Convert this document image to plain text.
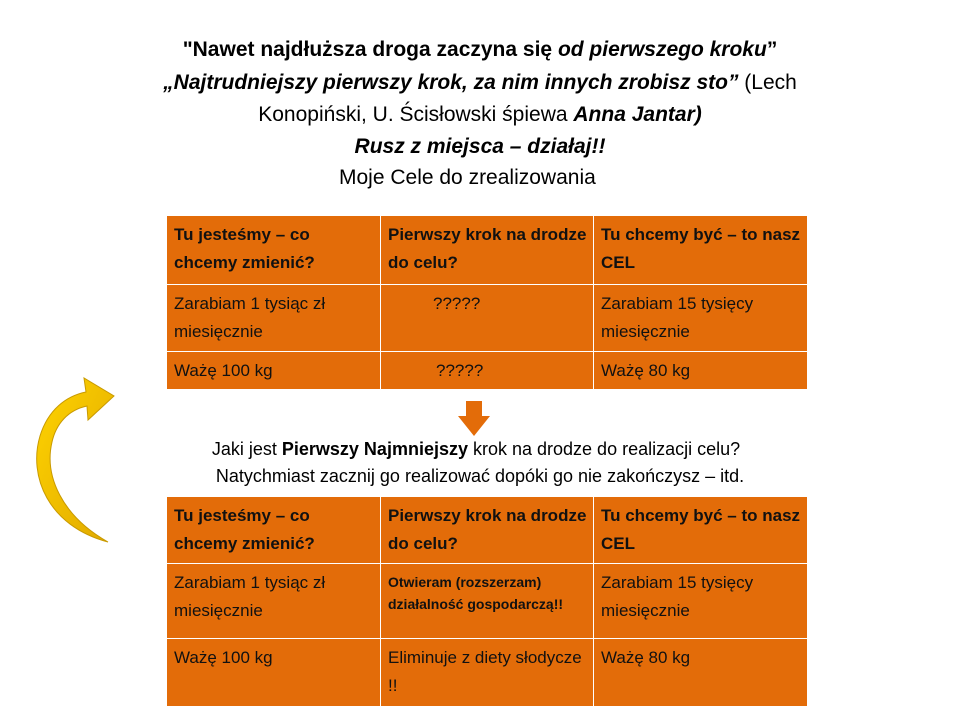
"Nawet najdłuższa droga zaczyna się od pierwszego kroku”
„Najtrudniejszy pierwszy krok, za nim innych zrobisz sto” (Lech
Konopiński, U. Ścisłowski śpiewa Anna Jantar)
Rusz z miejsca – działaj!!
Moje Cele do zrealizowania
Tu jesteśmy – co chcemy zmienić?	Pierwszy krok na drodze do celu?	Tu chcemy być – to nasz CEL
Zarabiam 1 tysiąc zł miesięcznie	?????	Zarabiam 15 tysięcy miesięcznie
Ważę 100 kg	?????	Ważę 80 kg
Jaki jest Pierwszy Najmniejszy krok na drodze do realizacji celu?
Natychmiast zacznij go realizować dopóki go nie zakończysz – itd.
Tu jesteśmy – co chcemy zmienić?	Pierwszy krok na drodze do celu?	Tu chcemy być – to nasz CEL
Zarabiam 1 tysiąc zł miesięcznie	Otwieram (rozszerzam) działalność gospodarczą!!	Zarabiam 15 tysięcy miesięcznie
Ważę 100 kg	Eliminuje z diety słodycze !!	Ważę 80 kg
